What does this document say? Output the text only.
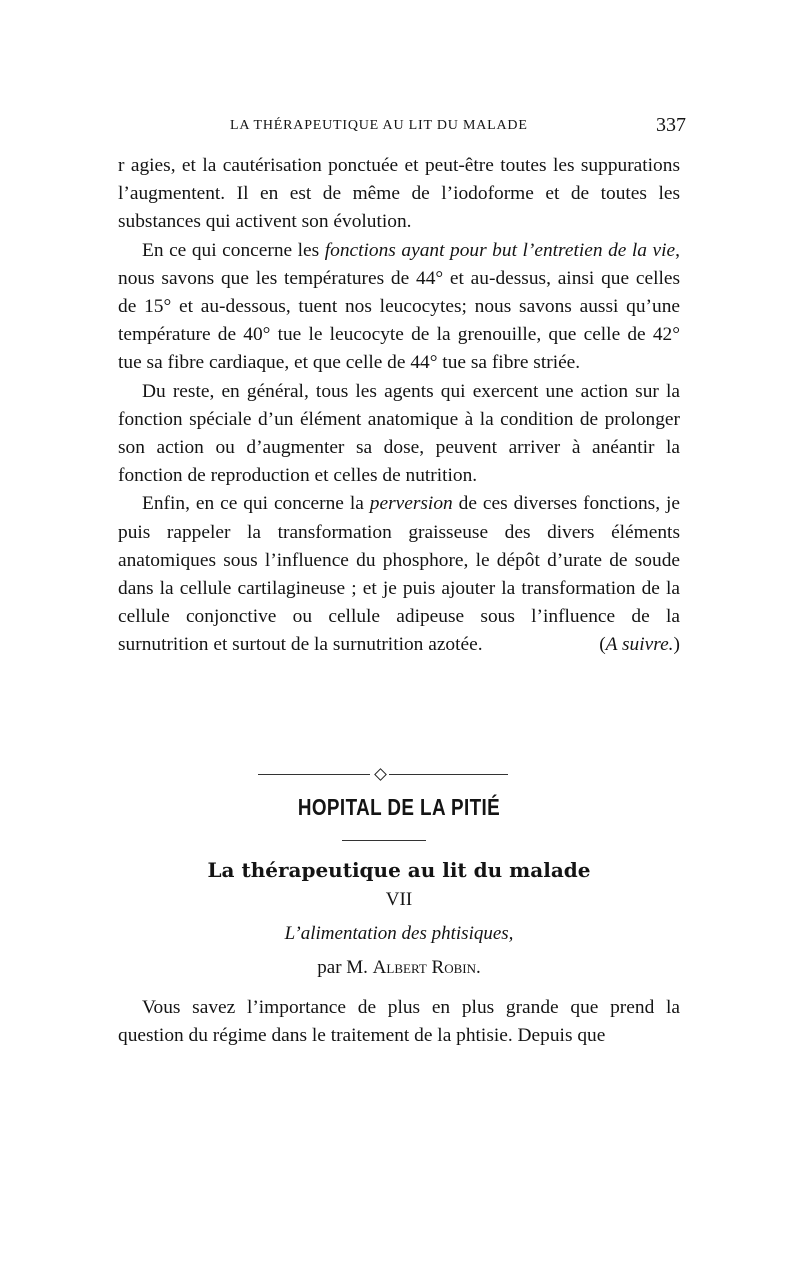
LA THÉRAPEUTIQUE AU LIT DU MALADE	337

r agies, et la cautérisation ponctuée et peut-être toutes les suppurations l’augmentent. Il en est de même de l’iodoforme et de toutes les substances qui activent son évolution.

En ce qui concerne les fonctions ayant pour but l’entretien de la vie, nous savons que les températures de 44° et au-dessus, ainsi que celles de 15° et au-dessous, tuent nos leucocytes; nous savons aussi qu’une température de 40° tue le leucocyte de la grenouille, que celle de 42° tue sa fibre cardiaque, et que celle de 44° tue sa fibre striée.

Du reste, en général, tous les agents qui exercent une action sur la fonction spéciale d’un élément anatomique à la condition de prolonger son action ou d’augmenter sa dose, peuvent arriver à anéantir la fonction de reproduction et celles de nutrition.

Enfin, en ce qui concerne la perversion de ces diverses fonctions, je puis rappeler la transformation graisseuse des divers éléments anatomiques sous l’influence du phosphore, le dépôt d’urate de soude dans la cellule cartilagineuse ; et je puis ajouter la transformation de la cellule conjonctive ou cellule adipeuse sous l’influence de la surnutrition et surtout de la surnutrition azotée.	(A suivre.)

HOPITAL DE LA PITIÉ
La thérapeutique au lit du malade
VII
L’alimentation des phtisiques,
par M. Albert Robin.

Vous savez l’importance de plus en plus grande que prend la question du régime dans le traitement de la phtisie. Depuis que
